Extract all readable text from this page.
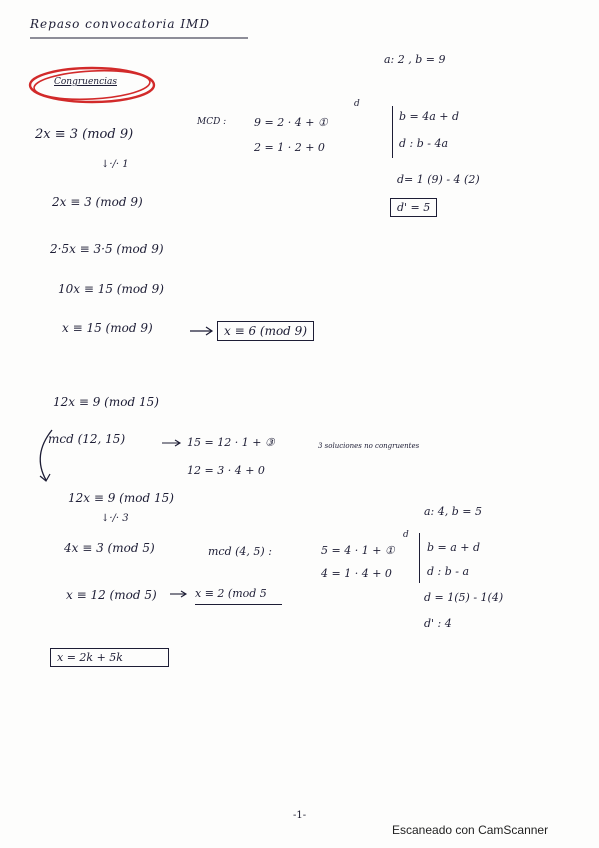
Repaso convocatoria IMD
a: 2 , b = 9
Congruencias
2x ≡ 3 (mod 9)
↓·/· 1
d
MCD :	9 = 2 · 4 + ①
2 = 1 · 2 + 0
b = 4a + d
d : b - 4a
d= 1 (9) - 4 (2)
d' = 5
2x ≡ 3 (mod 9)
2·5x ≡ 3·5 (mod 9)
10x ≡ 15 (mod 9)
x ≡ 15 (mod 9)	x ≡ 6 (mod 9)
12x ≡ 9 (mod 15)
mcd (12, 15)	15 = 12 · 1 + ③	3 soluciones no congruentes
12 = 3 · 4 + 0
12x ≡ 9 (mod 15)
↓·/· 3
a: 4, b = 5
4x ≡ 3 (mod 5)	mcd (4, 5) :
d
5 = 4 · 1 + ①
4 = 1 · 4 + 0
b = a + d
d : b - a
d = 1(5) - 1(4)
d' : 4
x ≡ 12 (mod 5)	x ≡ 2 (mod 5
x = 2k + 5k
-1-
Escaneado con CamScanner
